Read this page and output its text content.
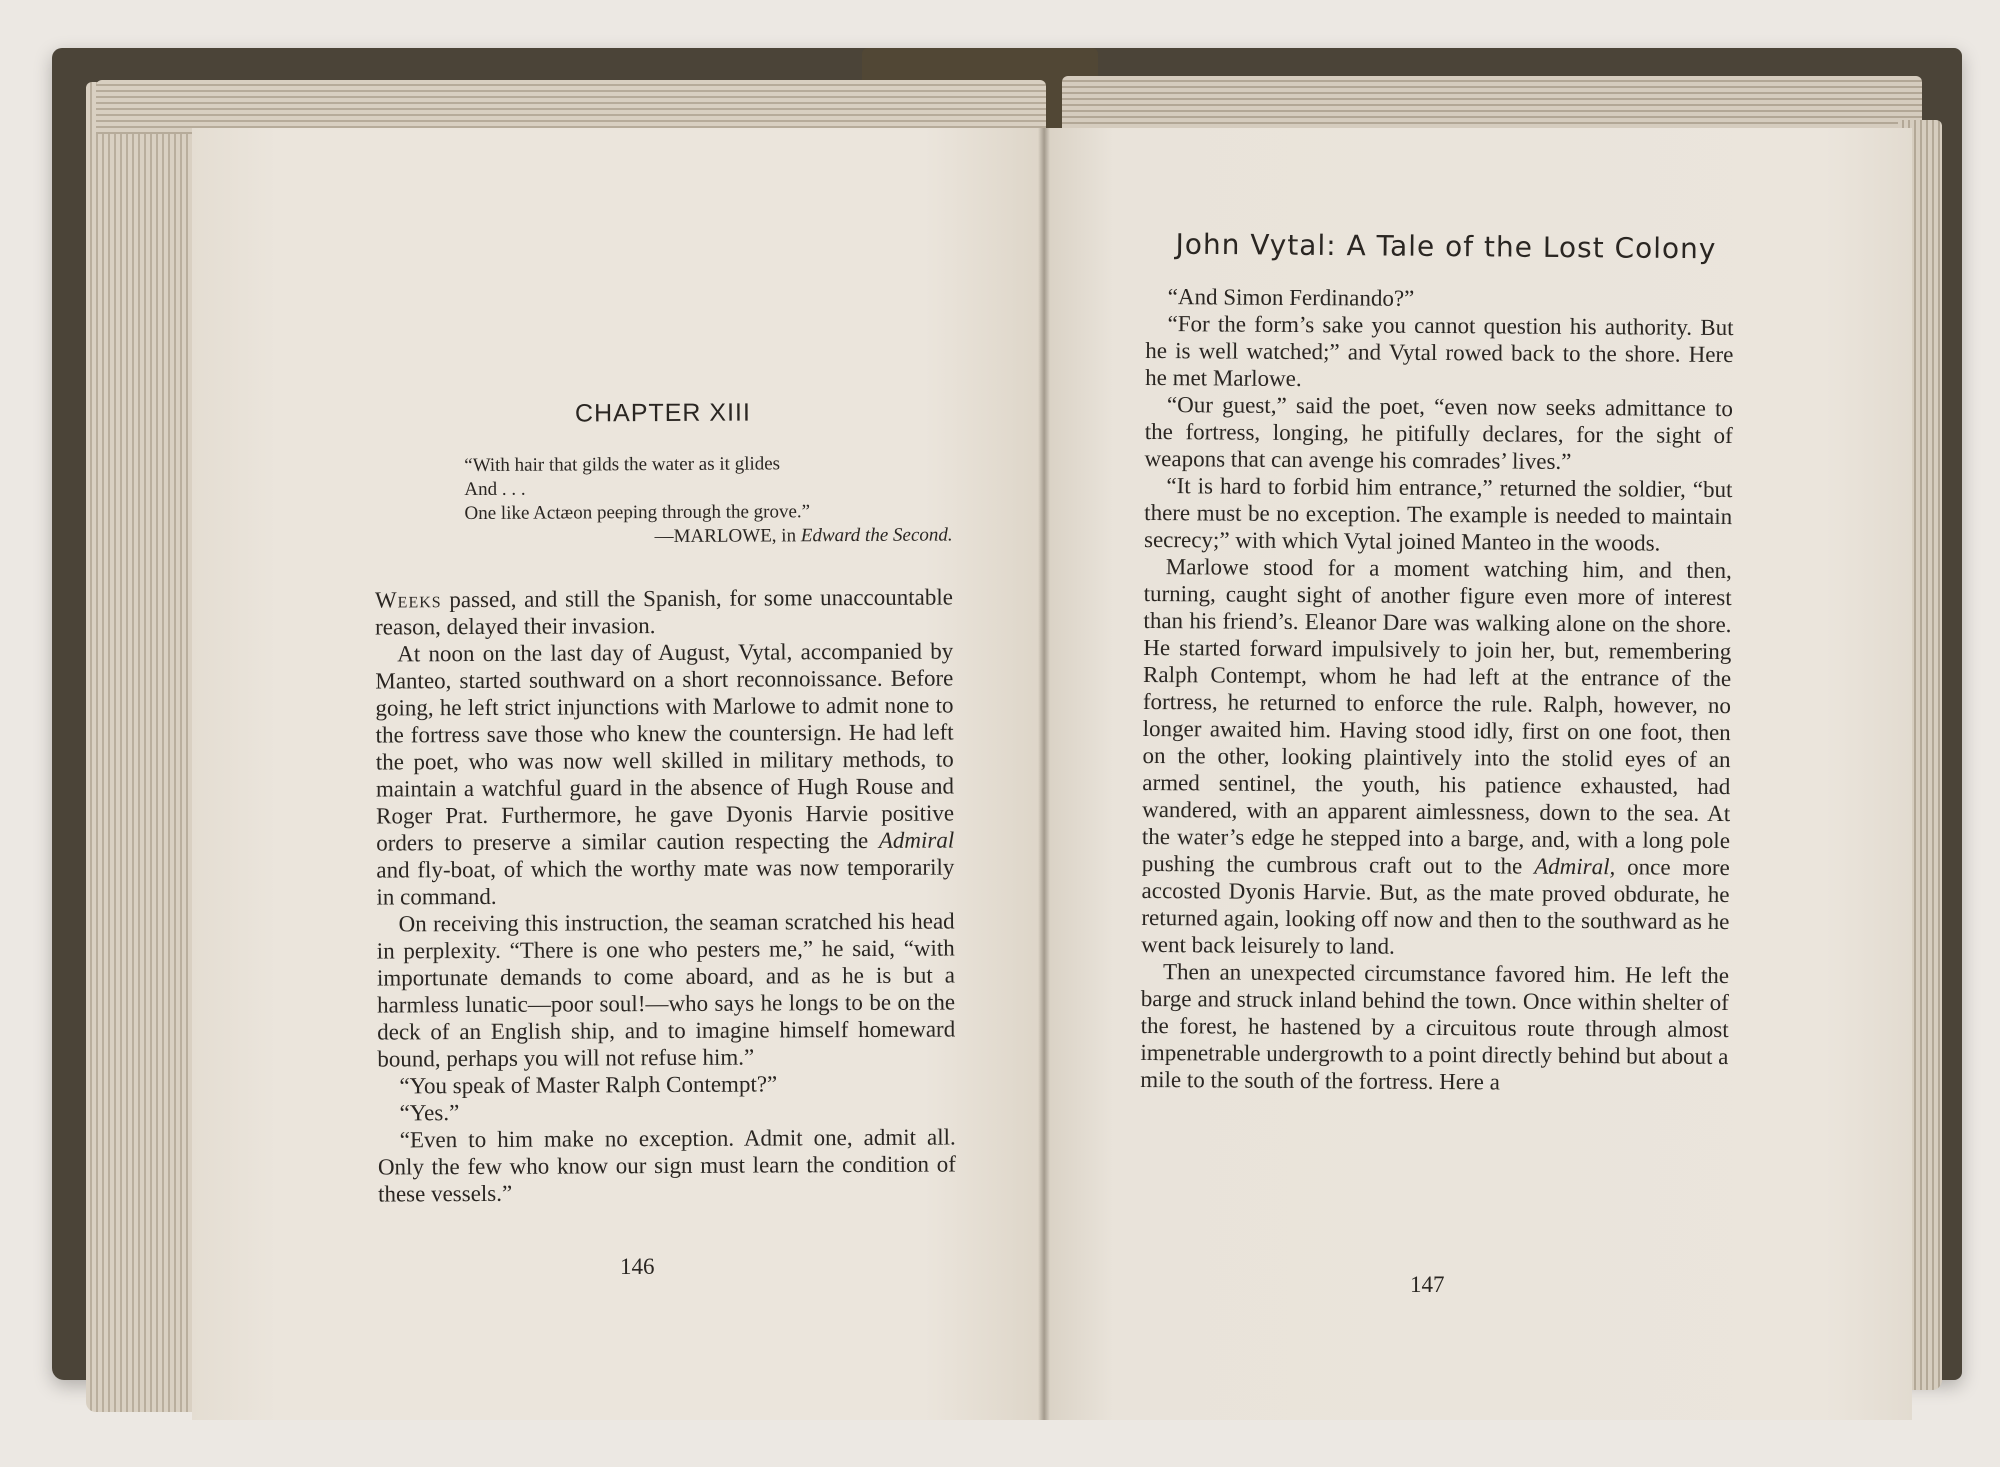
CHAPTER XIII
“With hair that gilds the water as it glides
And . . .
One like Actæon peeping through the grove.”
—MARLOWE, in Edward the Second.
Weeks passed, and still the Spanish, for some unaccountable reason, delayed their invasion.
At noon on the last day of August, Vytal, accompanied by Manteo, started southward on a short reconnoissance. Before going, he left strict injunctions with Marlowe to admit none to the fortress save those who knew the countersign. He had left the poet, who was now well skilled in military methods, to maintain a watchful guard in the absence of Hugh Rouse and Roger Prat. Furthermore, he gave Dyonis Harvie positive orders to preserve a similar caution respecting the Admiral and fly-boat, of which the worthy mate was now temporarily in command.
On receiving this instruction, the seaman scratched his head in perplexity. “There is one who pesters me,” he said, “with importunate demands to come aboard, and as he is but a harmless lunatic—poor soul!—who says he longs to be on the deck of an English ship, and to imagine himself homeward bound, perhaps you will not refuse him.”
“You speak of Master Ralph Contempt?”
“Yes.”
“Even to him make no exception. Admit one, admit all. Only the few who know our sign must learn the condition of these vessels.”
146
John Vytal: A Tale of the Lost Colony
“And Simon Ferdinando?”
“For the form’s sake you cannot question his authority. But he is well watched;” and Vytal rowed back to the shore. Here he met Marlowe.
“Our guest,” said the poet, “even now seeks admittance to the fortress, longing, he pitifully declares, for the sight of weapons that can avenge his comrades’ lives.”
“It is hard to forbid him entrance,” returned the soldier, “but there must be no exception. The example is needed to maintain secrecy;” with which Vytal joined Manteo in the woods.
Marlowe stood for a moment watching him, and then, turning, caught sight of another figure even more of interest than his friend’s. Eleanor Dare was walking alone on the shore. He started forward impulsively to join her, but, remembering Ralph Contempt, whom he had left at the entrance of the fortress, he returned to enforce the rule. Ralph, however, no longer awaited him. Having stood idly, first on one foot, then on the other, looking plaintively into the stolid eyes of an armed sentinel, the youth, his patience exhausted, had wandered, with an apparent aimlessness, down to the sea. At the water’s edge he stepped into a barge, and, with a long pole pushing the cumbrous craft out to the Admiral, once more accosted Dyonis Harvie. But, as the mate proved obdurate, he returned again, looking off now and then to the southward as he went back leisurely to land.
Then an unexpected circumstance favored him. He left the barge and struck inland behind the town. Once within shelter of the forest, he hastened by a circuitous route through almost impenetrable undergrowth to a point directly behind but about a mile to the south of the fortress. Here a
147
